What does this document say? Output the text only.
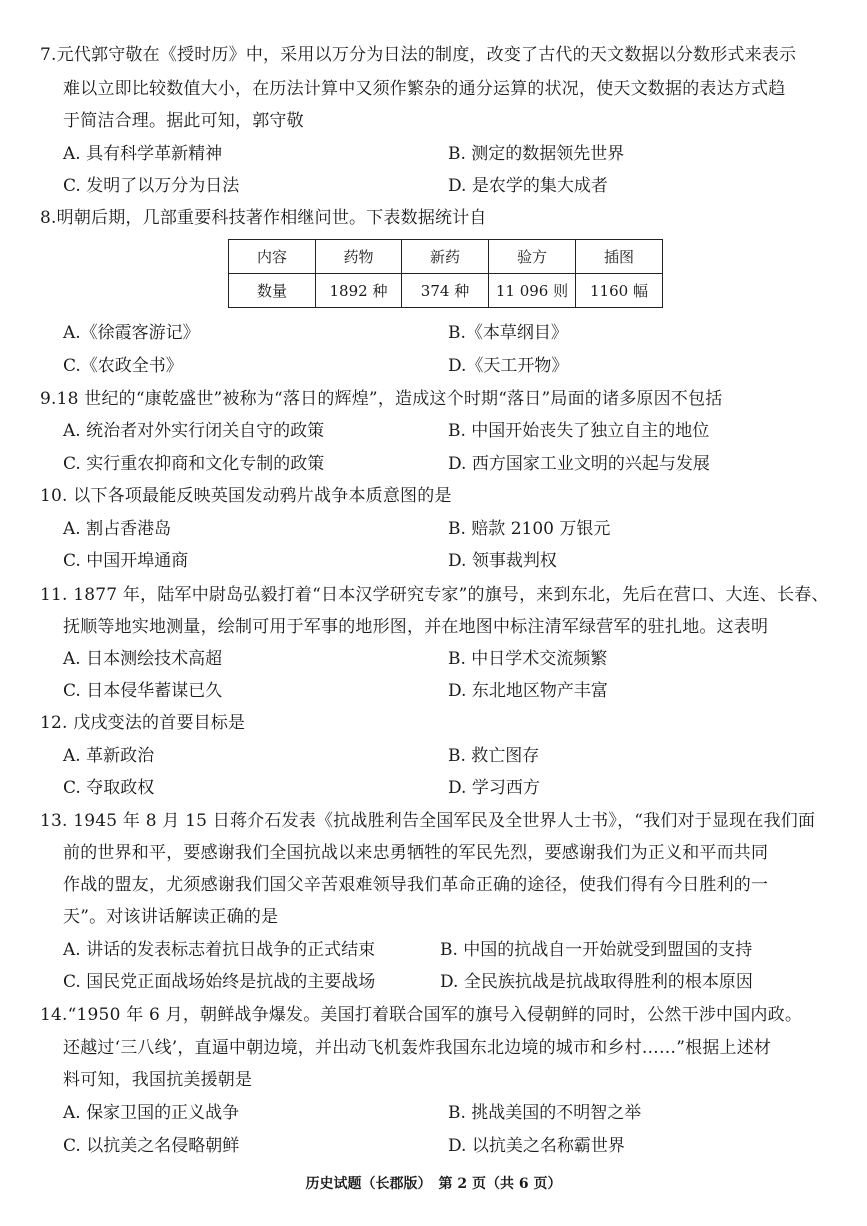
7.元代郭守敬在《授时历》中，采用以万分为日法的制度，改变了古代的天文数据以分数形式来表示
难以立即比较数值大小，在历法计算中又须作繁杂的通分运算的状况，使天文数据的表达方式趋
于简洁合理。据此可知，郭守敬
A. 具有科学革新精神	B. 测定的数据领先世界
C. 发明了以万分为日法	D. 是农学的集大成者
8.明朝后期，几部重要科技著作相继问世。下表数据统计自
内容	药物	新药	验方	插图
数量	1892 种	374 种	11 096 则	1160 幅
A.《徐霞客游记》	B.《本草纲目》
C.《农政全书》	D.《天工开物》
9.18 世纪的“康乾盛世”被称为“落日的辉煌”，造成这个时期“落日”局面的诸多原因不包括
A. 统治者对外实行闭关自守的政策	B. 中国开始丧失了独立自主的地位
C. 实行重农抑商和文化专制的政策	D. 西方国家工业文明的兴起与发展
10. 以下各项最能反映英国发动鸦片战争本质意图的是
A. 割占香港岛	B. 赔款 2100 万银元
C. 中国开埠通商	D. 领事裁判权
11. 1877 年，陆军中尉岛弘毅打着“日本汉学研究专家”的旗号，来到东北，先后在营口、大连、长春、
抚顺等地实地测量，绘制可用于军事的地形图，并在地图中标注清军绿营军的驻扎地。这表明
A. 日本测绘技术高超	B. 中日学术交流频繁
C. 日本侵华蓄谋已久	D. 东北地区物产丰富
12. 戊戌变法的首要目标是
A. 革新政治	B. 救亡图存
C. 夺取政权	D. 学习西方
13. 1945 年 8 月 15 日蒋介石发表《抗战胜利告全国军民及全世界人士书》，“我们对于显现在我们面
前的世界和平，要感谢我们全国抗战以来忠勇牺牲的军民先烈，要感谢我们为正义和平而共同
作战的盟友，尤须感谢我们国父辛苦艰难领导我们革命正确的途径，使我们得有今日胜利的一
天”。对该讲话解读正确的是
A. 讲话的发表标志着抗日战争的正式结束	B. 中国的抗战自一开始就受到盟国的支持
C. 国民党正面战场始终是抗战的主要战场	D. 全民族抗战是抗战取得胜利的根本原因
14.“1950 年 6 月，朝鲜战争爆发。美国打着联合国军的旗号入侵朝鲜的同时，公然干涉中国内政。
还越过‘三八线’，直逼中朝边境，并出动飞机轰炸我国东北边境的城市和乡村……”根据上述材
料可知，我国抗美援朝是
A. 保家卫国的正义战争	B. 挑战美国的不明智之举
C. 以抗美之名侵略朝鲜	D. 以抗美之名称霸世界
历史试题（长郡版）　第 2 页（共 6 页）
